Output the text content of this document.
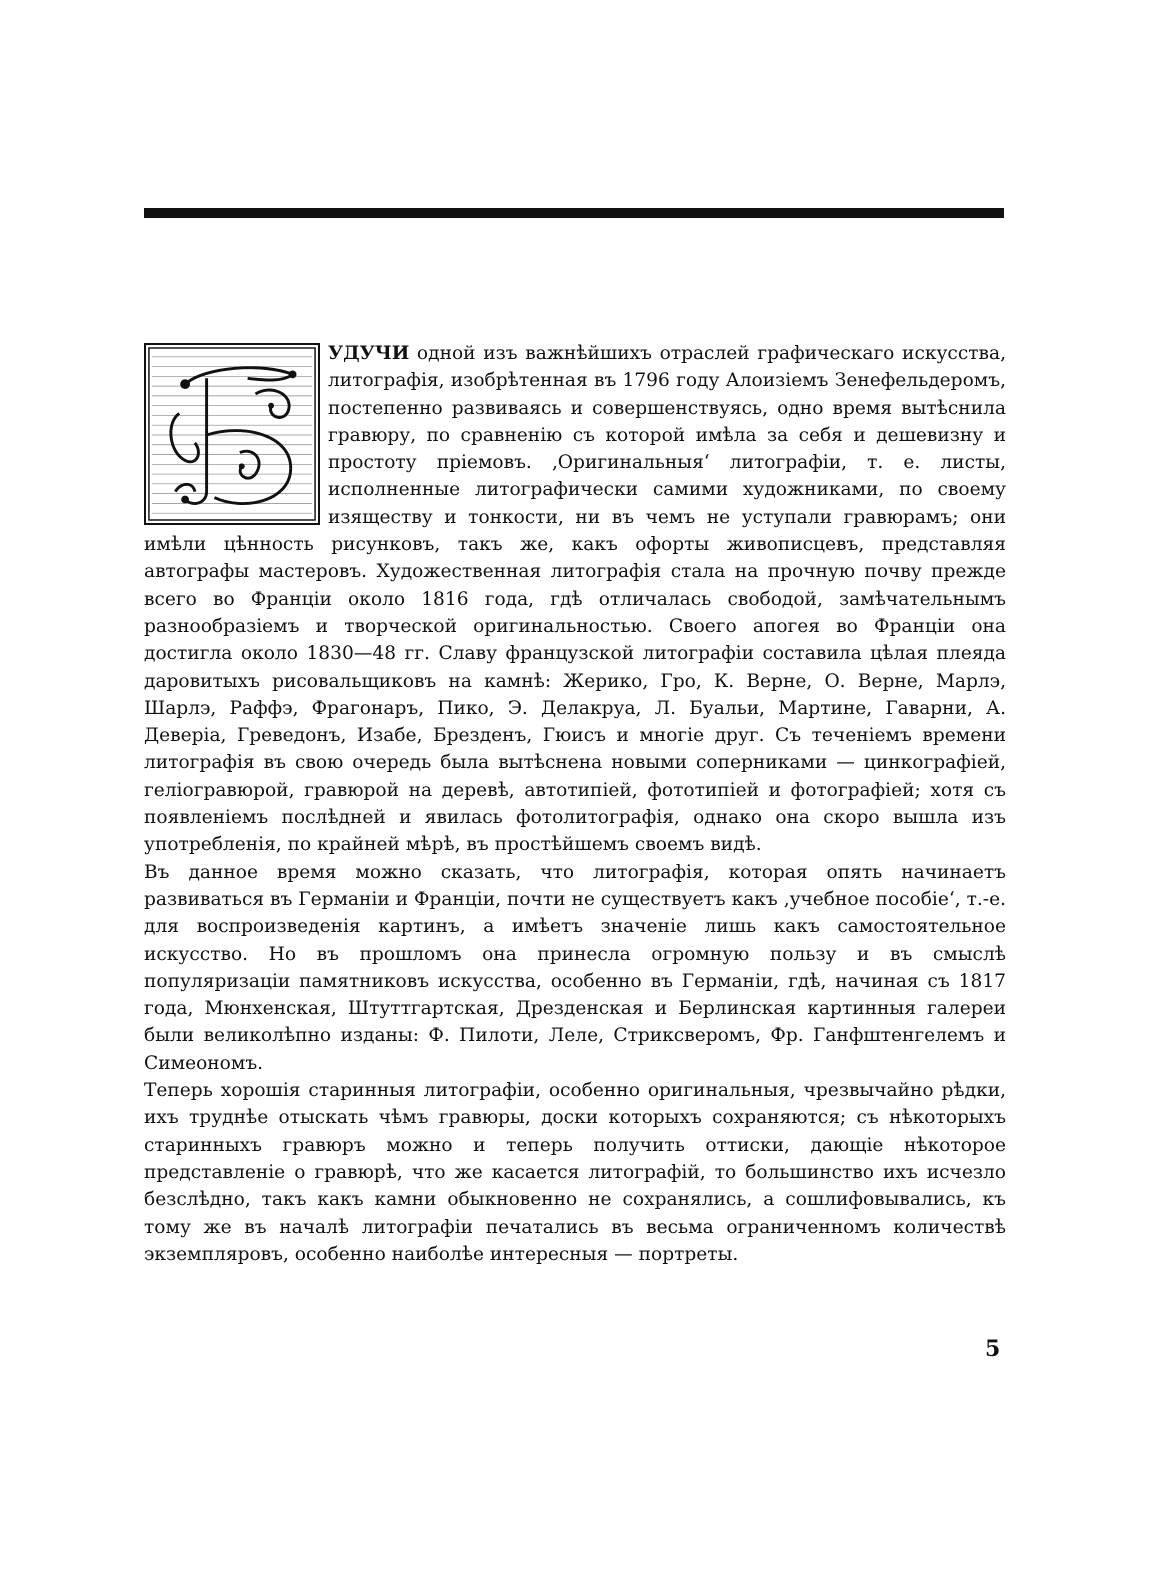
УДУЧИ одной изъ важнѣйшихъ отраслей графическаго искусства, литографія, изобрѣтенная въ 1796 году Алоизіемъ Зенефельдеромъ, постепенно развиваясь и совершенствуясь, одно время вытѣснила гравюру, по сравненію съ которой имѣла за себя и дешевизну и простоту пріемовъ. ‚Оригинальныя‘ литографіи, т. е. листы, исполненные литографически самими художниками, по своему изяществу и тонкости, ни въ чемъ не уступали гравюрамъ; они имѣли цѣнность рисунковъ, такъ же, какъ офорты живописцевъ, представляя автографы мастеровъ. Художественная литографія стала на прочную почву прежде всего во Франціи около 1816 года, гдѣ отличалась свободой, замѣчательнымъ разнообразіемъ и творческой оригинальностью. Своего апогея во Франціи она достигла около 1830—48 гг. Славу французской литографіи составила цѣлая плеяда даровитыхъ рисовальщиковъ на камнѣ: Жерико, Гро, К. Верне, О. Верне, Марлэ, Шарлэ, Раффэ, Фрагонаръ, Пико, Э. Делакруа, Л. Буальи, Мартине, Гаварни, А. Деверіа, Греведонъ, Изабе, Брезденъ, Гюисъ и многіе друг. Съ теченіемъ времени литографія въ свою очередь была вытѣснена новыми соперниками — цинкографіей, геліогравюрой, гравюрой на деревѣ, автотипіей, фототипіей и фотографіей; хотя съ появленіемъ послѣдней и явилась фотолитографія, однако она скоро вышла изъ употребленія, по крайней мѣрѣ, въ простѣйшемъ своемъ видѣ.

Въ данное время можно сказать, что литографія, которая опять начинаетъ развиваться въ Германіи и Франціи, почти не существуетъ какъ ‚учебное пособіе‘, т.-е. для воспроизведенія картинъ, а имѣетъ значеніе лишь какъ самостоятельное искусство. Но въ прошломъ она принесла огромную пользу и въ смыслѣ популяризаціи памятниковъ искусства, особенно въ Германіи, гдѣ, начиная съ 1817 года, Мюнхенская, Штуттгартская, Дрезденская и Берлинская картинныя галереи были великолѣпно изданы: Ф. Пилоти, Леле, Стриксверомъ, Фр. Ганфштенгелемъ и Симеономъ.

Теперь хорошія старинныя литографіи, особенно оригинальныя, чрезвычайно рѣдки, ихъ труднѣе отыскать чѣмъ гравюры, доски которыхъ сохраняются; съ нѣкоторыхъ старинныхъ гравюръ можно и теперь получить оттиски, дающіе нѣкоторое представленіе о гравюрѣ, что же касается литографій, то большинство ихъ исчезло безслѣдно, такъ какъ камни обыкновенно не сохранялись, а сошлифовывались, къ тому же въ началѣ литографіи печатались въ весьма ограниченномъ количествѣ экземпляровъ, особенно наиболѣе интересныя — портреты.

5
